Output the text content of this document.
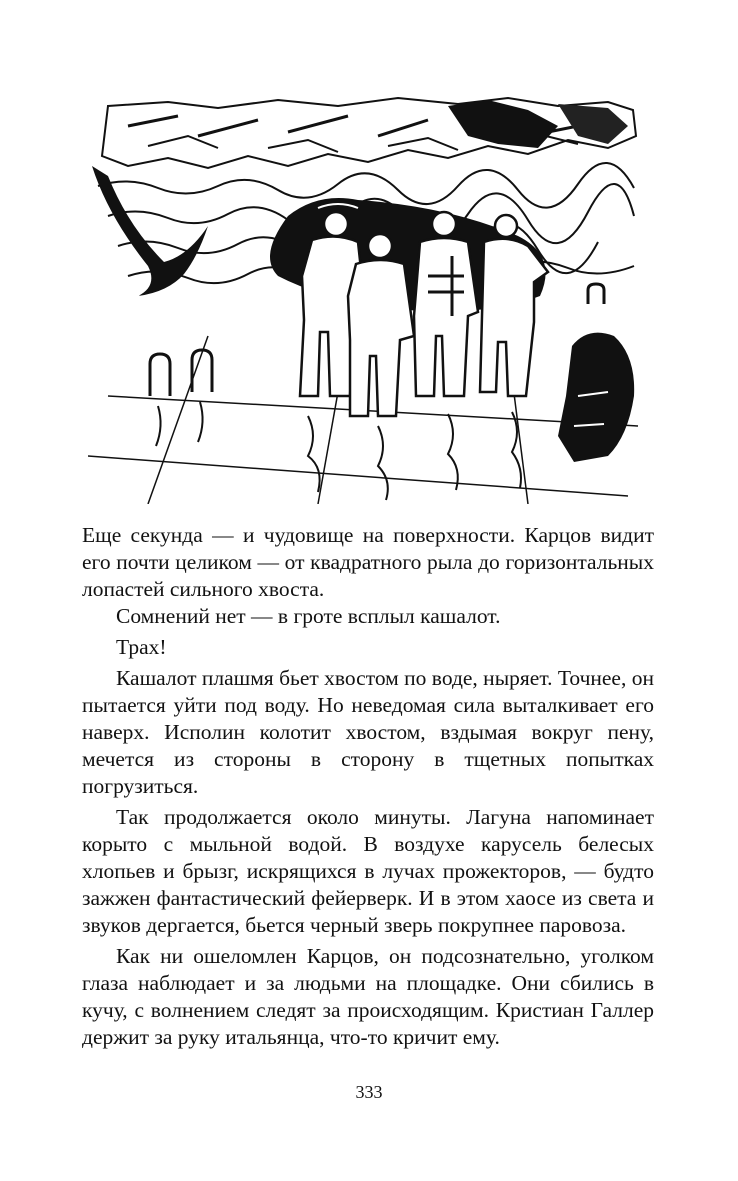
Еще секунда — и чудовище на поверхности. Карцов видит его почти целиком — от квадратного рыла до горизонтальных лопастей сильного хвоста.

Сомнений нет — в гроте всплыл кашалот.

Трах!

Кашалот плашмя бьет хвостом по воде, ныряет. Точнее, он пытается уйти под воду. Но неведомая сила выталкивает его наверх. Исполин колотит хвостом, вздымая вокруг пену, мечется из стороны в сторону в тщетных попытках погрузиться.

Так продолжается около минуты. Лагуна напоминает корыто с мыльной водой. В воздухе карусель белесых хлопьев и брызг, искрящихся в лучах прожекторов, — будто зажжен фантастический фейерверк. И в этом хаосе из света и звуков дергается, бьется черный зверь покрупнее паровоза.

Как ни ошеломлен Карцов, он подсознательно, уголком глаза наблюдает и за людьми на площадке. Они сбились в кучу, с волнением следят за происходящим. Кристиан Галлер держит за руку итальянца, что-то кричит ему.

333
